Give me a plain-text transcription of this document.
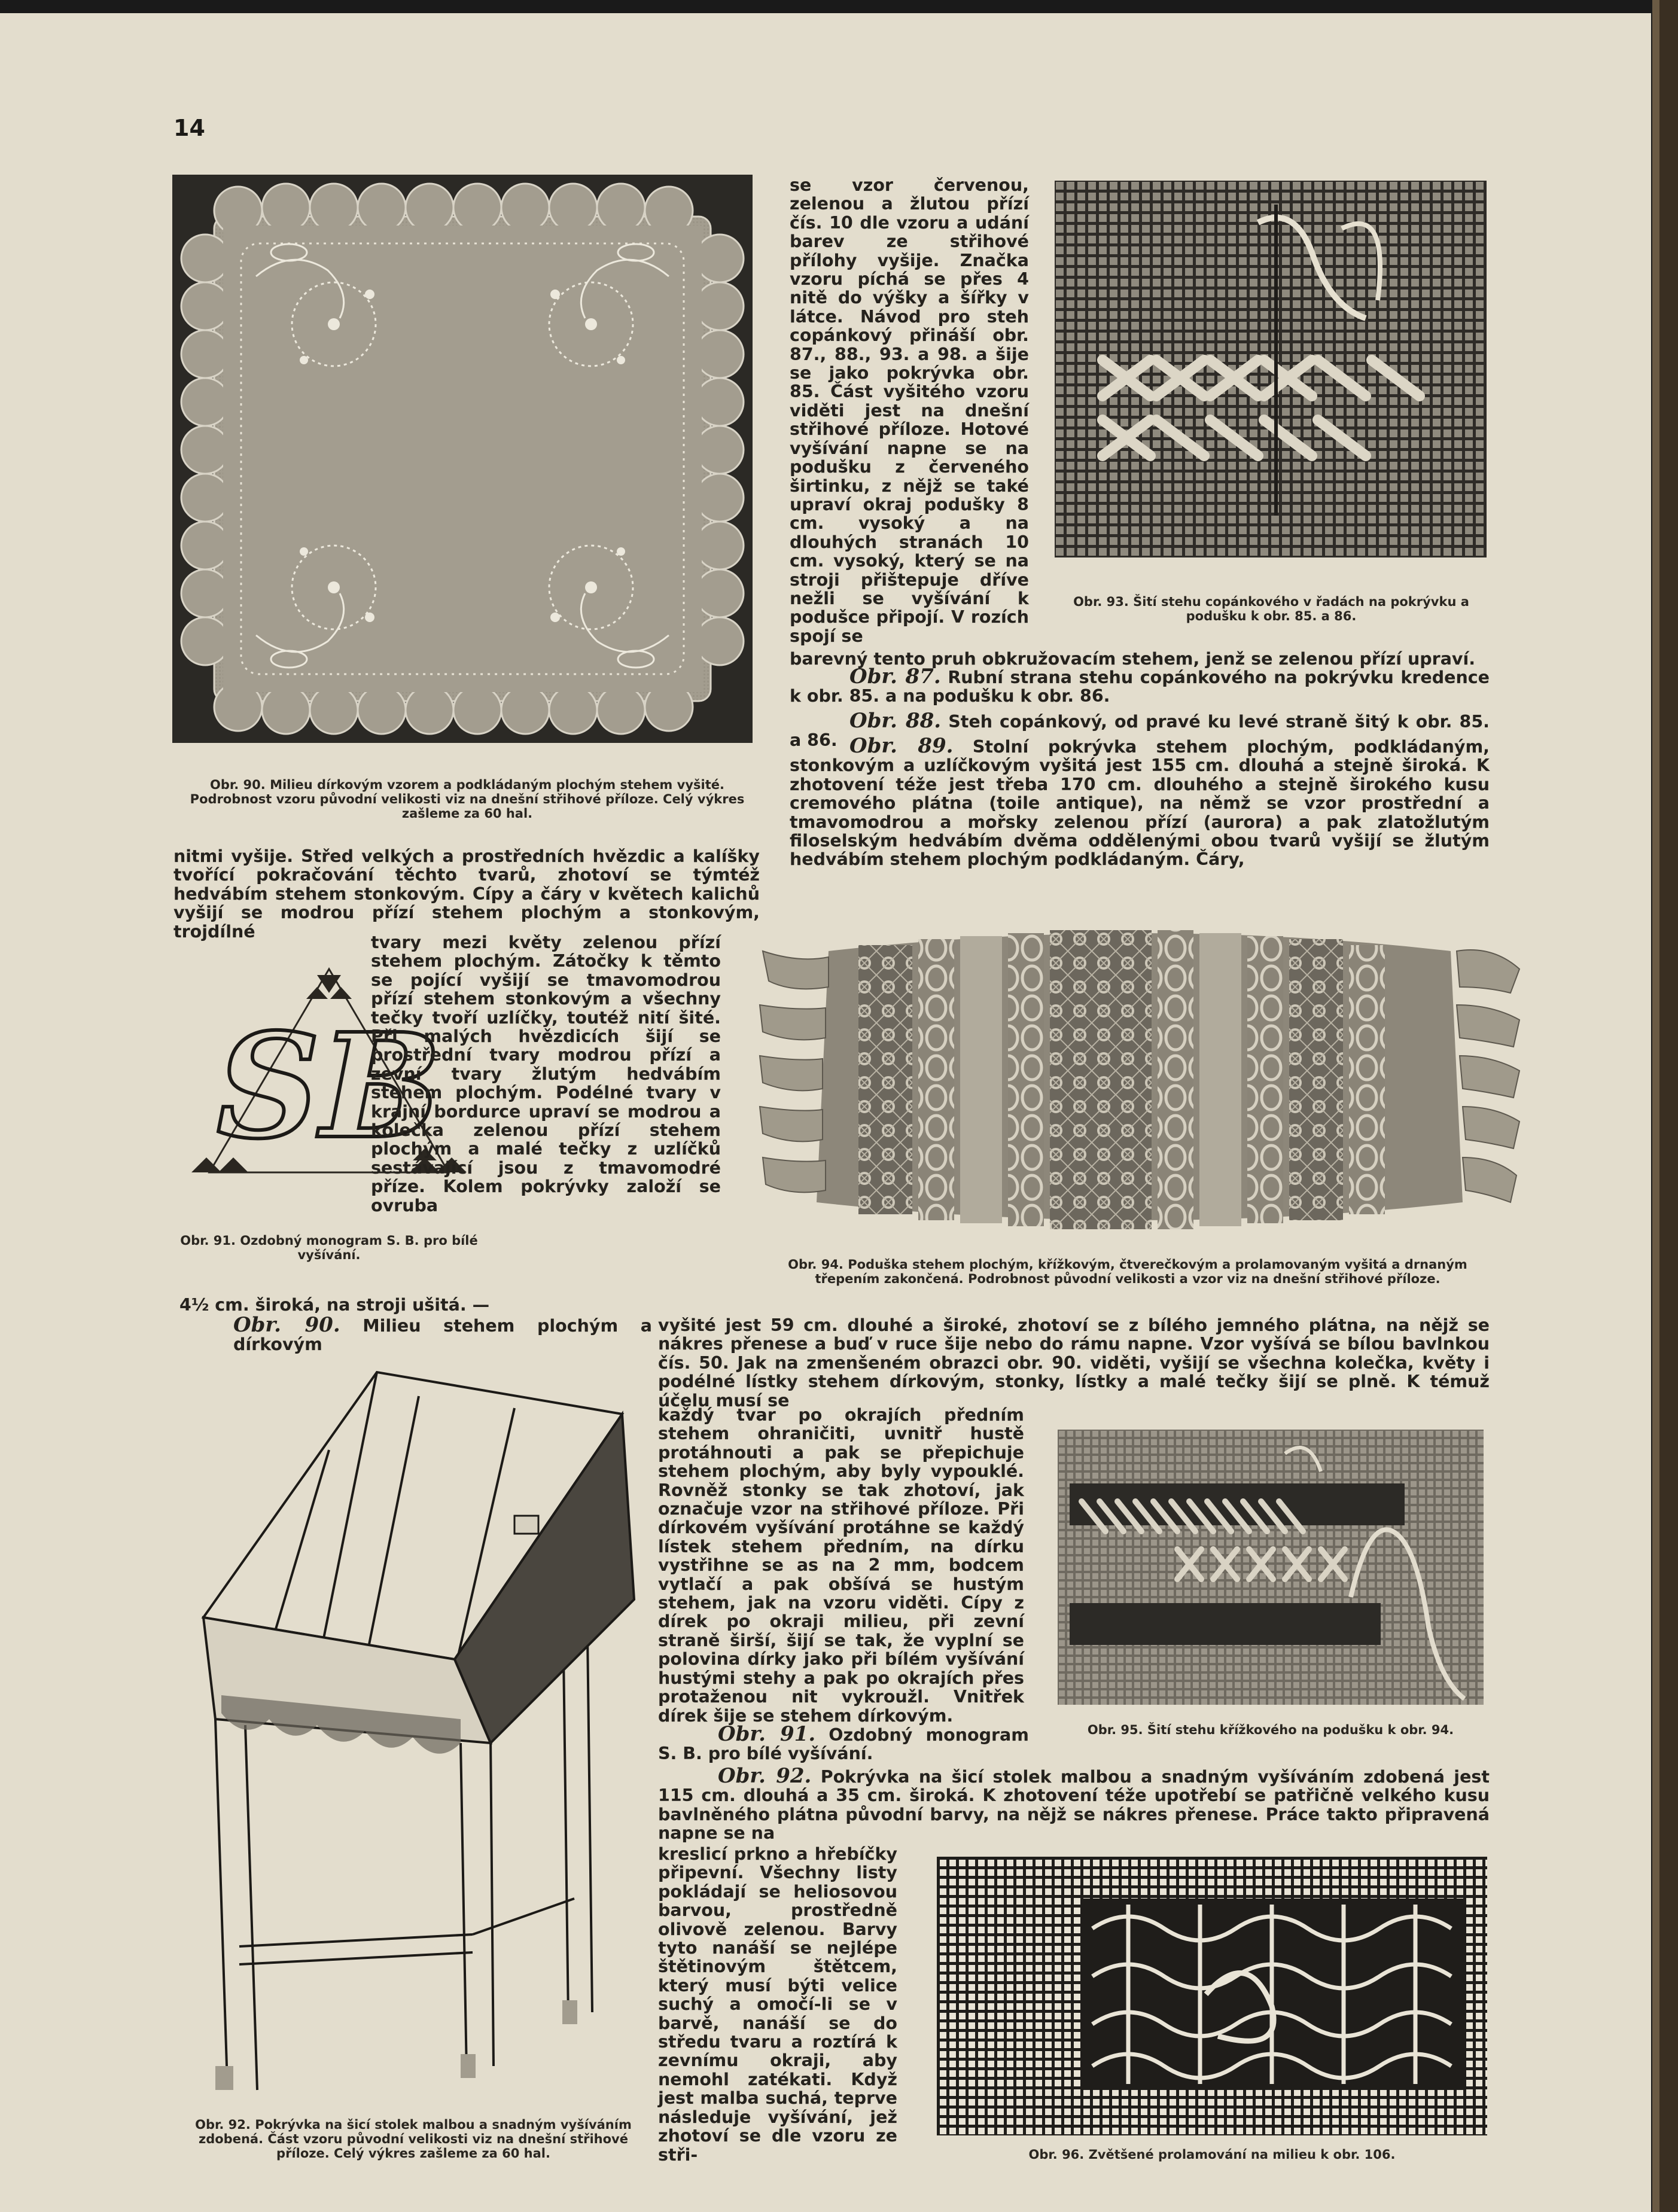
14
Obr. 90. Milieu dírkovým vzorem a podkládaným plochým stehem vyšité. Podrobnost vzoru původní velikosti viz na dnešní střihové příloze. Celý výkres zašleme za 60 hal.
se vzor červenou, zelenou a žlutou přízí čís. 10 dle vzoru a udání barev ze střihové přílohy vyšije. Značka vzoru píchá se přes 4 nitě do výšky a šířky v látce. Návod pro steh copánkový přináší obr. 87., 88., 93. a 98. a šije se jako pokrývka obr. 85. Část vyšitého vzoru viděti jest na dnešní střihové příloze. Hotové vyšívání napne se na podušku z červeného širtinku, z nějž se také upraví okraj podušky 8 cm. vysoký a na dlouhých stranách 10 cm. vysoký, který se na stroji přištepuje dříve nežli se vyšívání k podušce připojí. V rozích spojí se
Obr. 93. Šití stehu copánkového v řadách na pokrývku a podušku k obr. 85. a 86.
barevný tento pruh obkružovacím stehem, jenž se zelenou přízí upraví.

Obr. 87. Rubní strana stehu copánkového na pokrývku kredence k obr. 85. a na podušku k obr. 86.

Obr. 88. Steh copánkový, od pravé ku levé straně šitý k obr. 85. a 86. Obr. 89. Stolní pokrývka stehem plochým, podkládaným, stonkovým a uzlíčkovým vyšitá jest 155 cm. dlouhá a stejně široká. K zhotovení téže jest třeba 170 cm. dlouhého a stejně širokého kusu cremového plátna (toile antique), na němž se vzor prostřední a tmavomodrou a mořsky zelenou přízí (aurora) a pak zlatožlutým filoselským hedvábím dvěma oddělenými obou tvarů vyšijí se žlutým hedvábím stehem plochým podkládaným. Čáry,

nitmi vyšije. Střed velkých a prostředních hvězdic a kalíšky tvořící pokračování těchto tvarů, zhotoví se týmtéž hedvábím stehem stonkovým. Cípy a čáry v květech kalichů vyšijí se modrou přízí stehem plochým a stonkovým, trojdílné
SB
Obr. 91. Ozdobný monogram S. B. pro bílé vyšívání.
tvary mezi květy zelenou přízí stehem plochým. Zátočky k těmto se pojící vyšijí se tmavomodrou přízí stehem stonkovým a všechny tečky tvoří uzlíčky, toutéž nití šité. Při malých hvězdicích šijí se prostřední tvary modrou přízí a zevní tvary žlutým hedvábím stehem plochým. Podélné tvary v krajní bordurce upraví se modrou a kolečka zelenou přízí stehem plochým a malé tečky z uzlíčků sestávající jsou z tmavomodré příze. Kolem pokrývky založí se ovruba
4½ cm. široká, na stroji ušitá. —
Obr. 94. Poduška stehem plochým, křížkovým, čtverečkovým a prolamovaným vyšitá a drnaným třepením zakončená. Podrobnost původní velikosti a vzor viz na dnešní střihové příloze.

Obr. 90. Milieu stehem plochým a dírkovým

vyšité jest 59 cm. dlouhé a široké, zhotoví se z bílého jemného plátna, na nějž se nákres přenese a buď v ruce šije nebo do rámu napne. Vzor vyšívá se bílou bavlnkou čís. 50. Jak na zmenšeném obrazci obr. 90. viděti, vyšijí se všechna kolečka, květy i podélné lístky stehem dírkovým, stonky, lístky a malé tečky šijí se plně. K témuž účelu musí se
Obr. 92. Pokrývka na šicí stolek malbou a snadným vyšíváním zdobená. Část vzoru původní velikosti viz na dnešní střihové příloze. Celý výkres zašleme za 60 hal.
každý tvar po okrajích předním stehem ohraničiti, uvnitř hustě protáhnouti a pak se přepichuje stehem plochým, aby byly vypouklé. Rovněž stonky se tak zhotoví, jak označuje vzor na střihové příloze. Při dírkovém vyšívání protáhne se každý lístek stehem předním, na dírku vystřihne se as na 2 mm, bodcem vytlačí a pak obšívá se hustým stehem, jak na vzoru viděti. Cípy z dírek po okraji milieu, při zevní straně širší, šijí se tak, že vyplní se polovina dírky jako při bílém vyšívání hustými stehy a pak po okrajích přes protaženou nit vykroužl. Vnitřek dírek šije se stehem dírkovým.
Obr. 95. Šití stehu křížkového na podušku k obr. 94.

Obr. 91. Ozdobný monogram S. B. pro bílé vyšívání.

Obr. 92. Pokrývka na šicí stolek malbou a snadným vyšíváním zdobená jest 115 cm. dlouhá a 35 cm. široká. K zhotovení téže upotřebí se patřičně velkého kusu bavlněného plátna původní barvy, na nějž se nákres přenese. Práce takto připravená napne se na

kreslicí prkno a hřebíčky připevní. Všechny listy pokládají se heliosovou barvou, prostředně olivově zelenou. Barvy tyto nanáší se nejlépe štětinovým štětcem, který musí býti velice suchý a omočí-li se v barvě, nanáší se do středu tvaru a roztírá k zevnímu okraji, aby nemohl zatékati. Když jest malba suchá, teprve následuje vyšívání, jež zhotoví se dle vzoru ze stři-	Obr. 96. Zvětšené prolamování na milieu k obr. 106.
